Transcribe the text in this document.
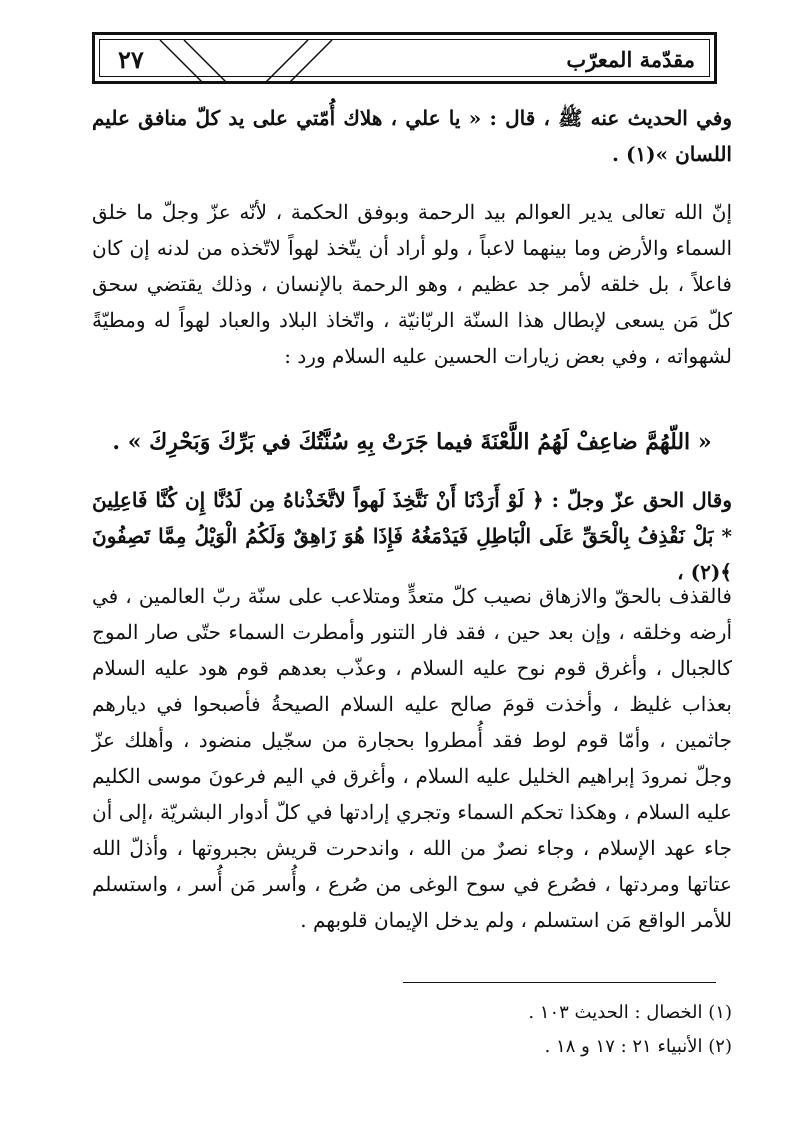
٢٧	مقدّمة المعرّب

وفي الحديث عنه ﷺ ، قال : « يا علي ، هلاك أُمّتي على يد كلّ منافق عليم اللسان »(١) .

إنّ الله تعالى يدير العوالم بيد الرحمة وبوفق الحكمة ، لأنّه عزّ وجلّ ما خلق السماء والأرض وما بينهما لاعباً ، ولو أراد أن يتّخذ لهواً لاتّخذه من لدنه إن كان فاعلاً ، بل خلقه لأمر جد عظيم ، وهو الرحمة بالإنسان ، وذلك يقتضي سحق كلّ مَن يسعى لإبطال هذا السنّة الربّانيّة ، واتّخاذ البلاد والعباد لهواً له ومطيّةً لشهواته ، وفي بعض زيارات الحسين عليه السلام ورد :

« اللّهُمَّ ضاعِفْ لَهُمُ اللَّعْنَةَ فيما جَرَتْ بِهِ سُنَّتُكَ في بَرِّكَ وَبَحْرِكَ » .

وقال الحق عزّ وجلّ : ﴿ لَوْ أَرَدْنَا أَنْ نَتَّخِذَ لَهواً لاتَّخَذْناهُ مِن لَدُنَّا إِن كُنَّا فَاعِلِينَ * بَلْ نَقْذِفُ بِالْحَقِّ عَلَى الْبَاطِلِ فَيَدْمَغُهُ فَإِذَا هُوَ زَاهِقٌ وَلَكُمُ الْوَيْلُ مِمَّا تَصِفُونَ ﴾(٢) ،

فالقذف بالحقّ والازهاق نصيب كلّ متعدٍّ ومتلاعب على سنّة ربّ العالمين ، في أرضه وخلقه ، وإن بعد حين ، فقد فار التنور وأمطرت السماء حتّى صار الموج كالجبال ، وأغرق قوم نوح عليه السلام ، وعذّب بعدهم قوم هود عليه السلام بعذاب غليظ ، وأخذت قومَ صالح عليه السلام الصيحةُ فأصبحوا في ديارهم جاثمين ، وأمّا قوم لوط فقد أُمطروا بحجارة من سجّيل منضود ، وأهلك عزّ وجلّ نمرودَ إبراهيم الخليل عليه السلام ، وأغرق في اليم فرعونَ موسى الكليم عليه السلام ، وهكذا تحكم السماء وتجري إرادتها في كلّ أدوار البشريّة ،إلى أن جاء عهد الإسلام ، وجاء نصرٌ من الله ، واندحرت قريش بجبروتها ، وأذلّ الله عتاتها ومردتها ، فصُرع في سوح الوغى من صُرع ، وأُسر مَن أُسر ، واستسلم للأمر الواقع مَن استسلم ، ولم يدخل الإيمان قلوبهم .

(١) الخصال : الحديث ١٠٣ .
(٢) الأنبياء ٢١ : ١٧ و ١٨ .
